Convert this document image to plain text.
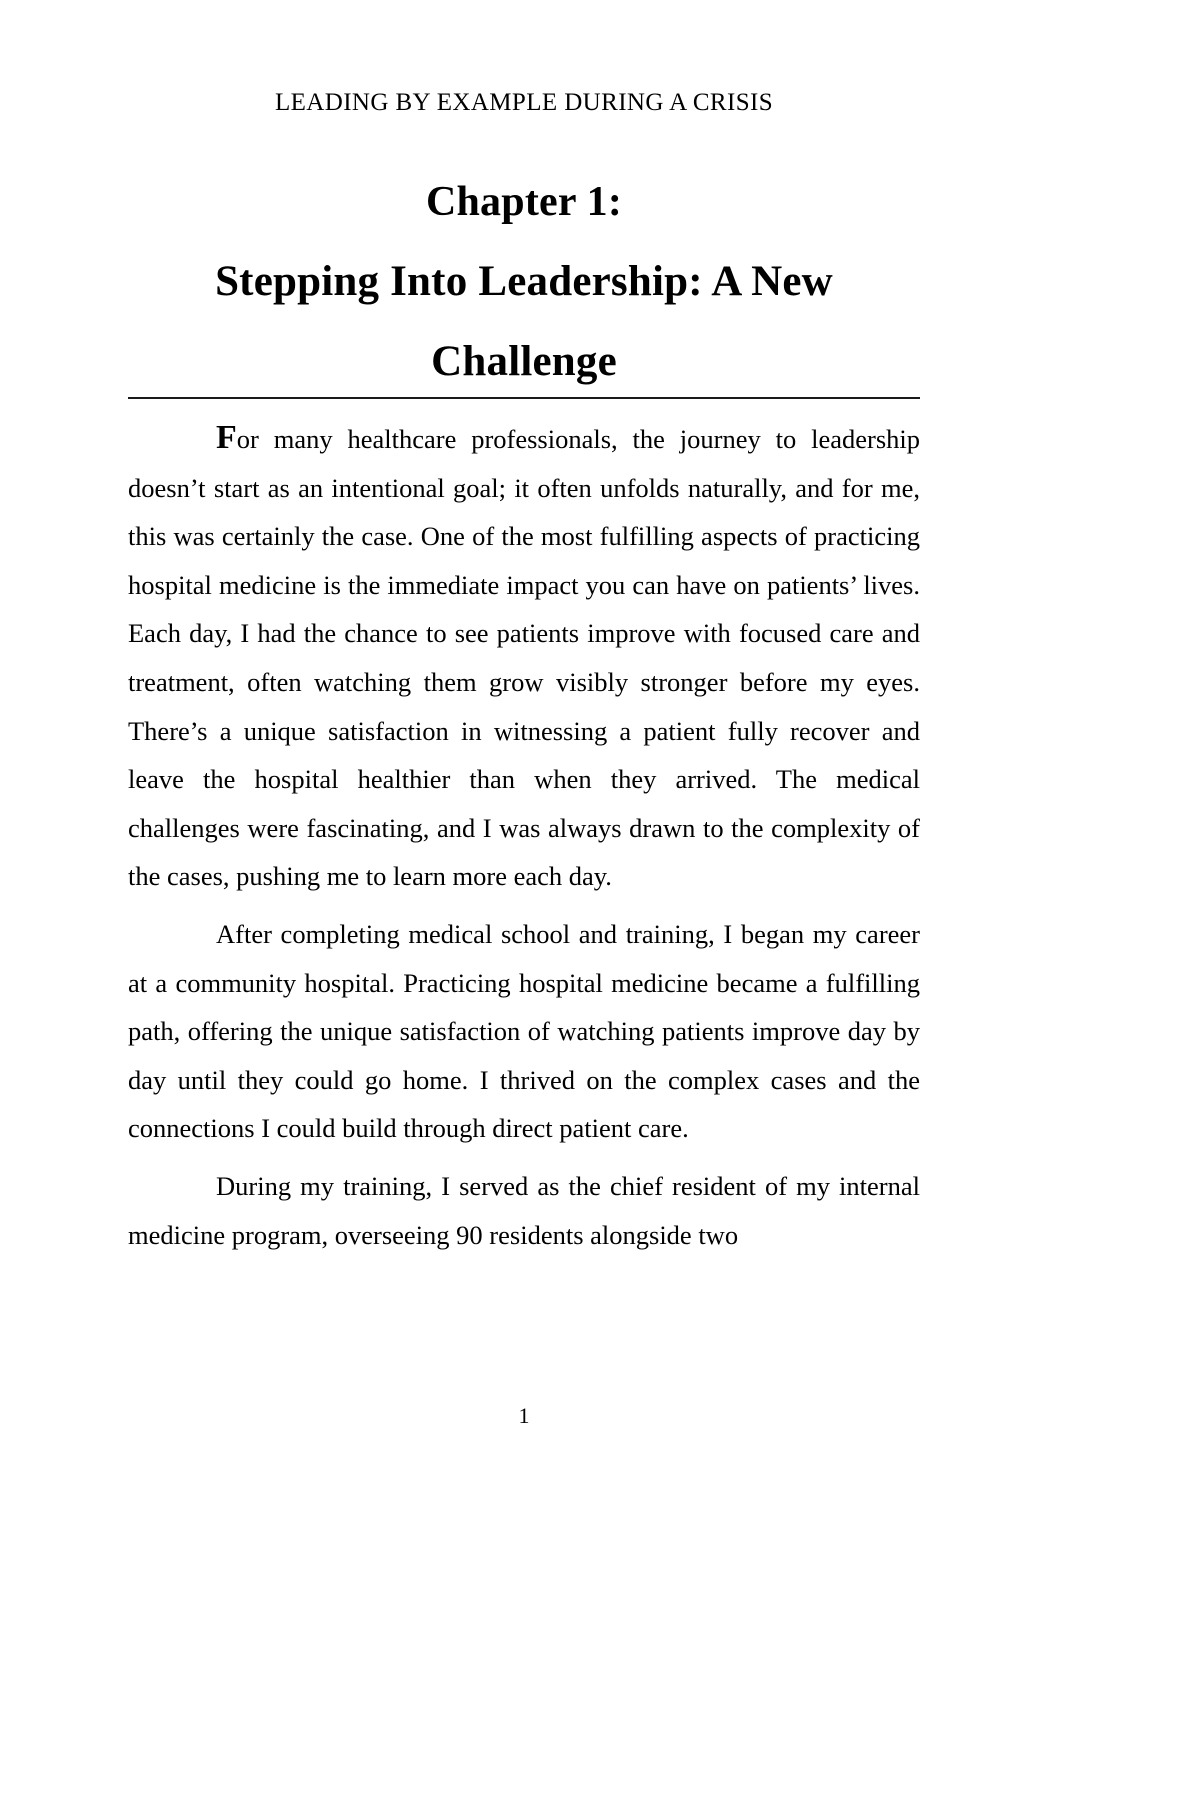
LEADING BY EXAMPLE DURING A CRISIS
Chapter 1:
Stepping Into Leadership: A New
Challenge

For many healthcare professionals, the journey to leadership doesn’t start as an intentional goal; it often unfolds naturally, and for me, this was certainly the case. One of the most fulfilling aspects of practicing hospital medicine is the immediate impact you can have on patients’ lives. Each day, I had the chance to see patients improve with focused care and treatment, often watching them grow visibly stronger before my eyes. There’s a unique satisfaction in witnessing a patient fully recover and leave the hospital healthier than when they arrived. The medical challenges were fascinating, and I was always drawn to the complexity of the cases, pushing me to learn more each day.

After completing medical school and training, I began my career at a community hospital. Practicing hospital medicine became a fulfilling path, offering the unique satisfaction of watching patients improve day by day until they could go home. I thrived on the complex cases and the connections I could build through direct patient care.

During my training, I served as the chief resident of my internal medicine program, overseeing 90 residents alongside two

1
